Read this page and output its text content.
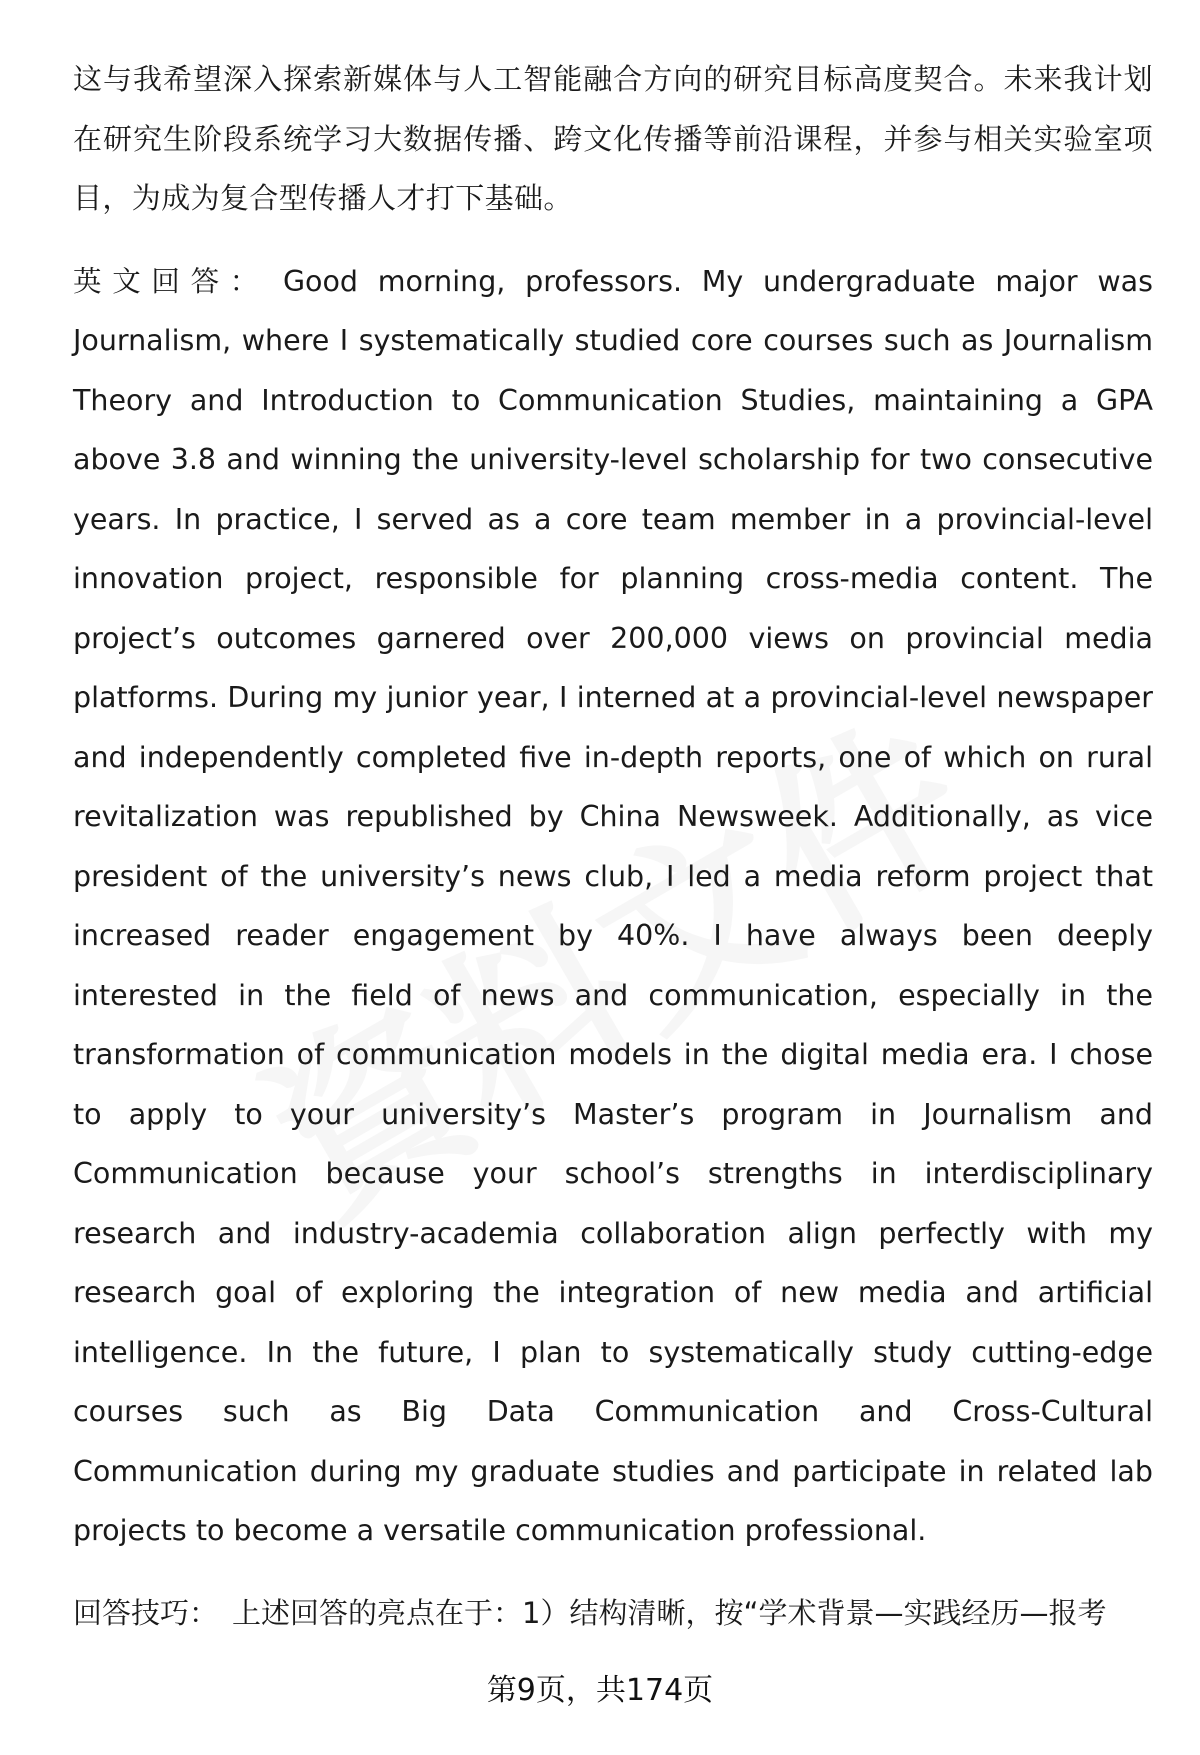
这与我希望深入探索新媒体与人工智能融合方向的研究目标高度契合。未来我计划在研究生阶段系统学习大数据传播、跨文化传播等前沿课程，并参与相关实验室项目，为成为复合型传播人才打下基础。

英文回答： Good morning, professors. My undergraduate major was Journalism, where I systematically studied core courses such as Journalism Theory and Introduction to Communication Studies, maintaining a GPA above 3.8 and winning the university-level scholarship for two consecutive years. In practice, I served as a core team member in a provincial-level innovation project, responsible for planning cross-media content. The project’s outcomes garnered over 200,000 views on provincial media platforms. During my junior year, I interned at a provincial-level newspaper and independently completed five in-depth reports, one of which on rural revitalization was republished by China Newsweek. Additionally, as vice president of the university’s news club, I led a media reform project that increased reader engagement by 40%. I have always been deeply interested in the field of news and communication, especially in the transformation of communication models in the digital media era. I chose to apply to your university’s Master’s program in Journalism and Communication because your school’s strengths in interdisciplinary research and industry-academia collaboration align perfectly with my research goal of exploring the integration of new media and artificial intelligence. In the future, I plan to systematically study cutting-edge courses such as Big Data Communication and Cross-Cultural Communication during my graduate studies and participate in related lab projects to become a versatile communication professional.

回答技巧： 上述回答的亮点在于：1）结构清晰，按“学术背景—实践经历—报考

第9页，共174页
